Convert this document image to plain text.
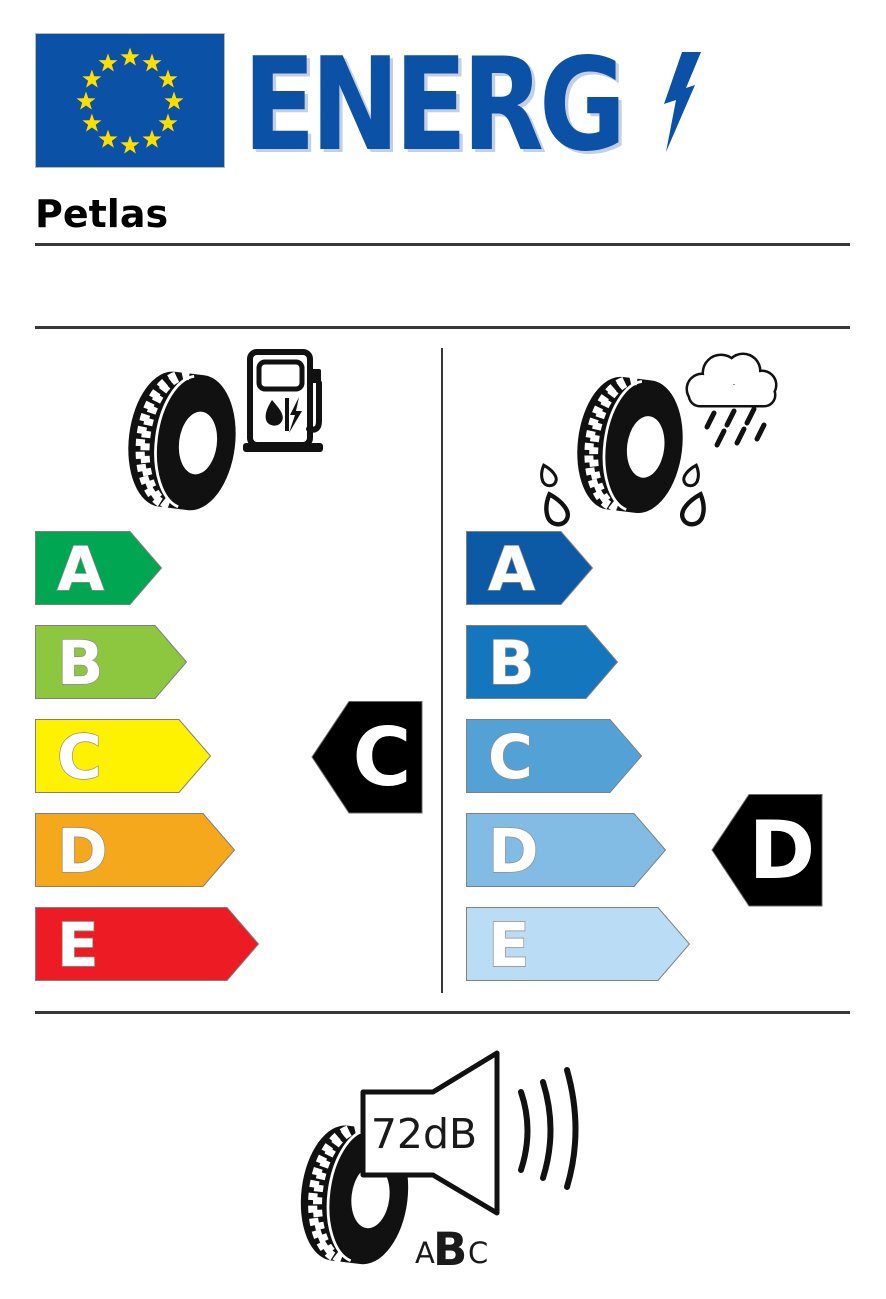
ENERG
Petlas
A
B
C
D
E
C
A
B
C
D
E
D
72dB
A
B C
